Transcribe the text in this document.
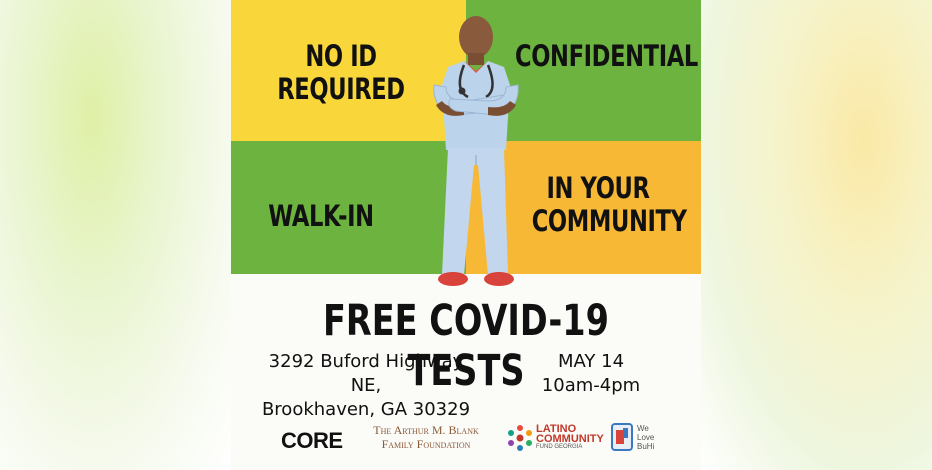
NO ID REQUIRED
CONFIDENTIAL
WALK-IN
IN YOUR
COMMUNITY
FREE COVID-19 TESTS
3292 Buford Highway NE,
Brookhaven, GA 30329
MAY 14
10am-4pm
CORE	The Arthur M. Blank
Family Foundation
LATINO
COMMUNITY
FUND GEORGIA
We
Love
BuHi
